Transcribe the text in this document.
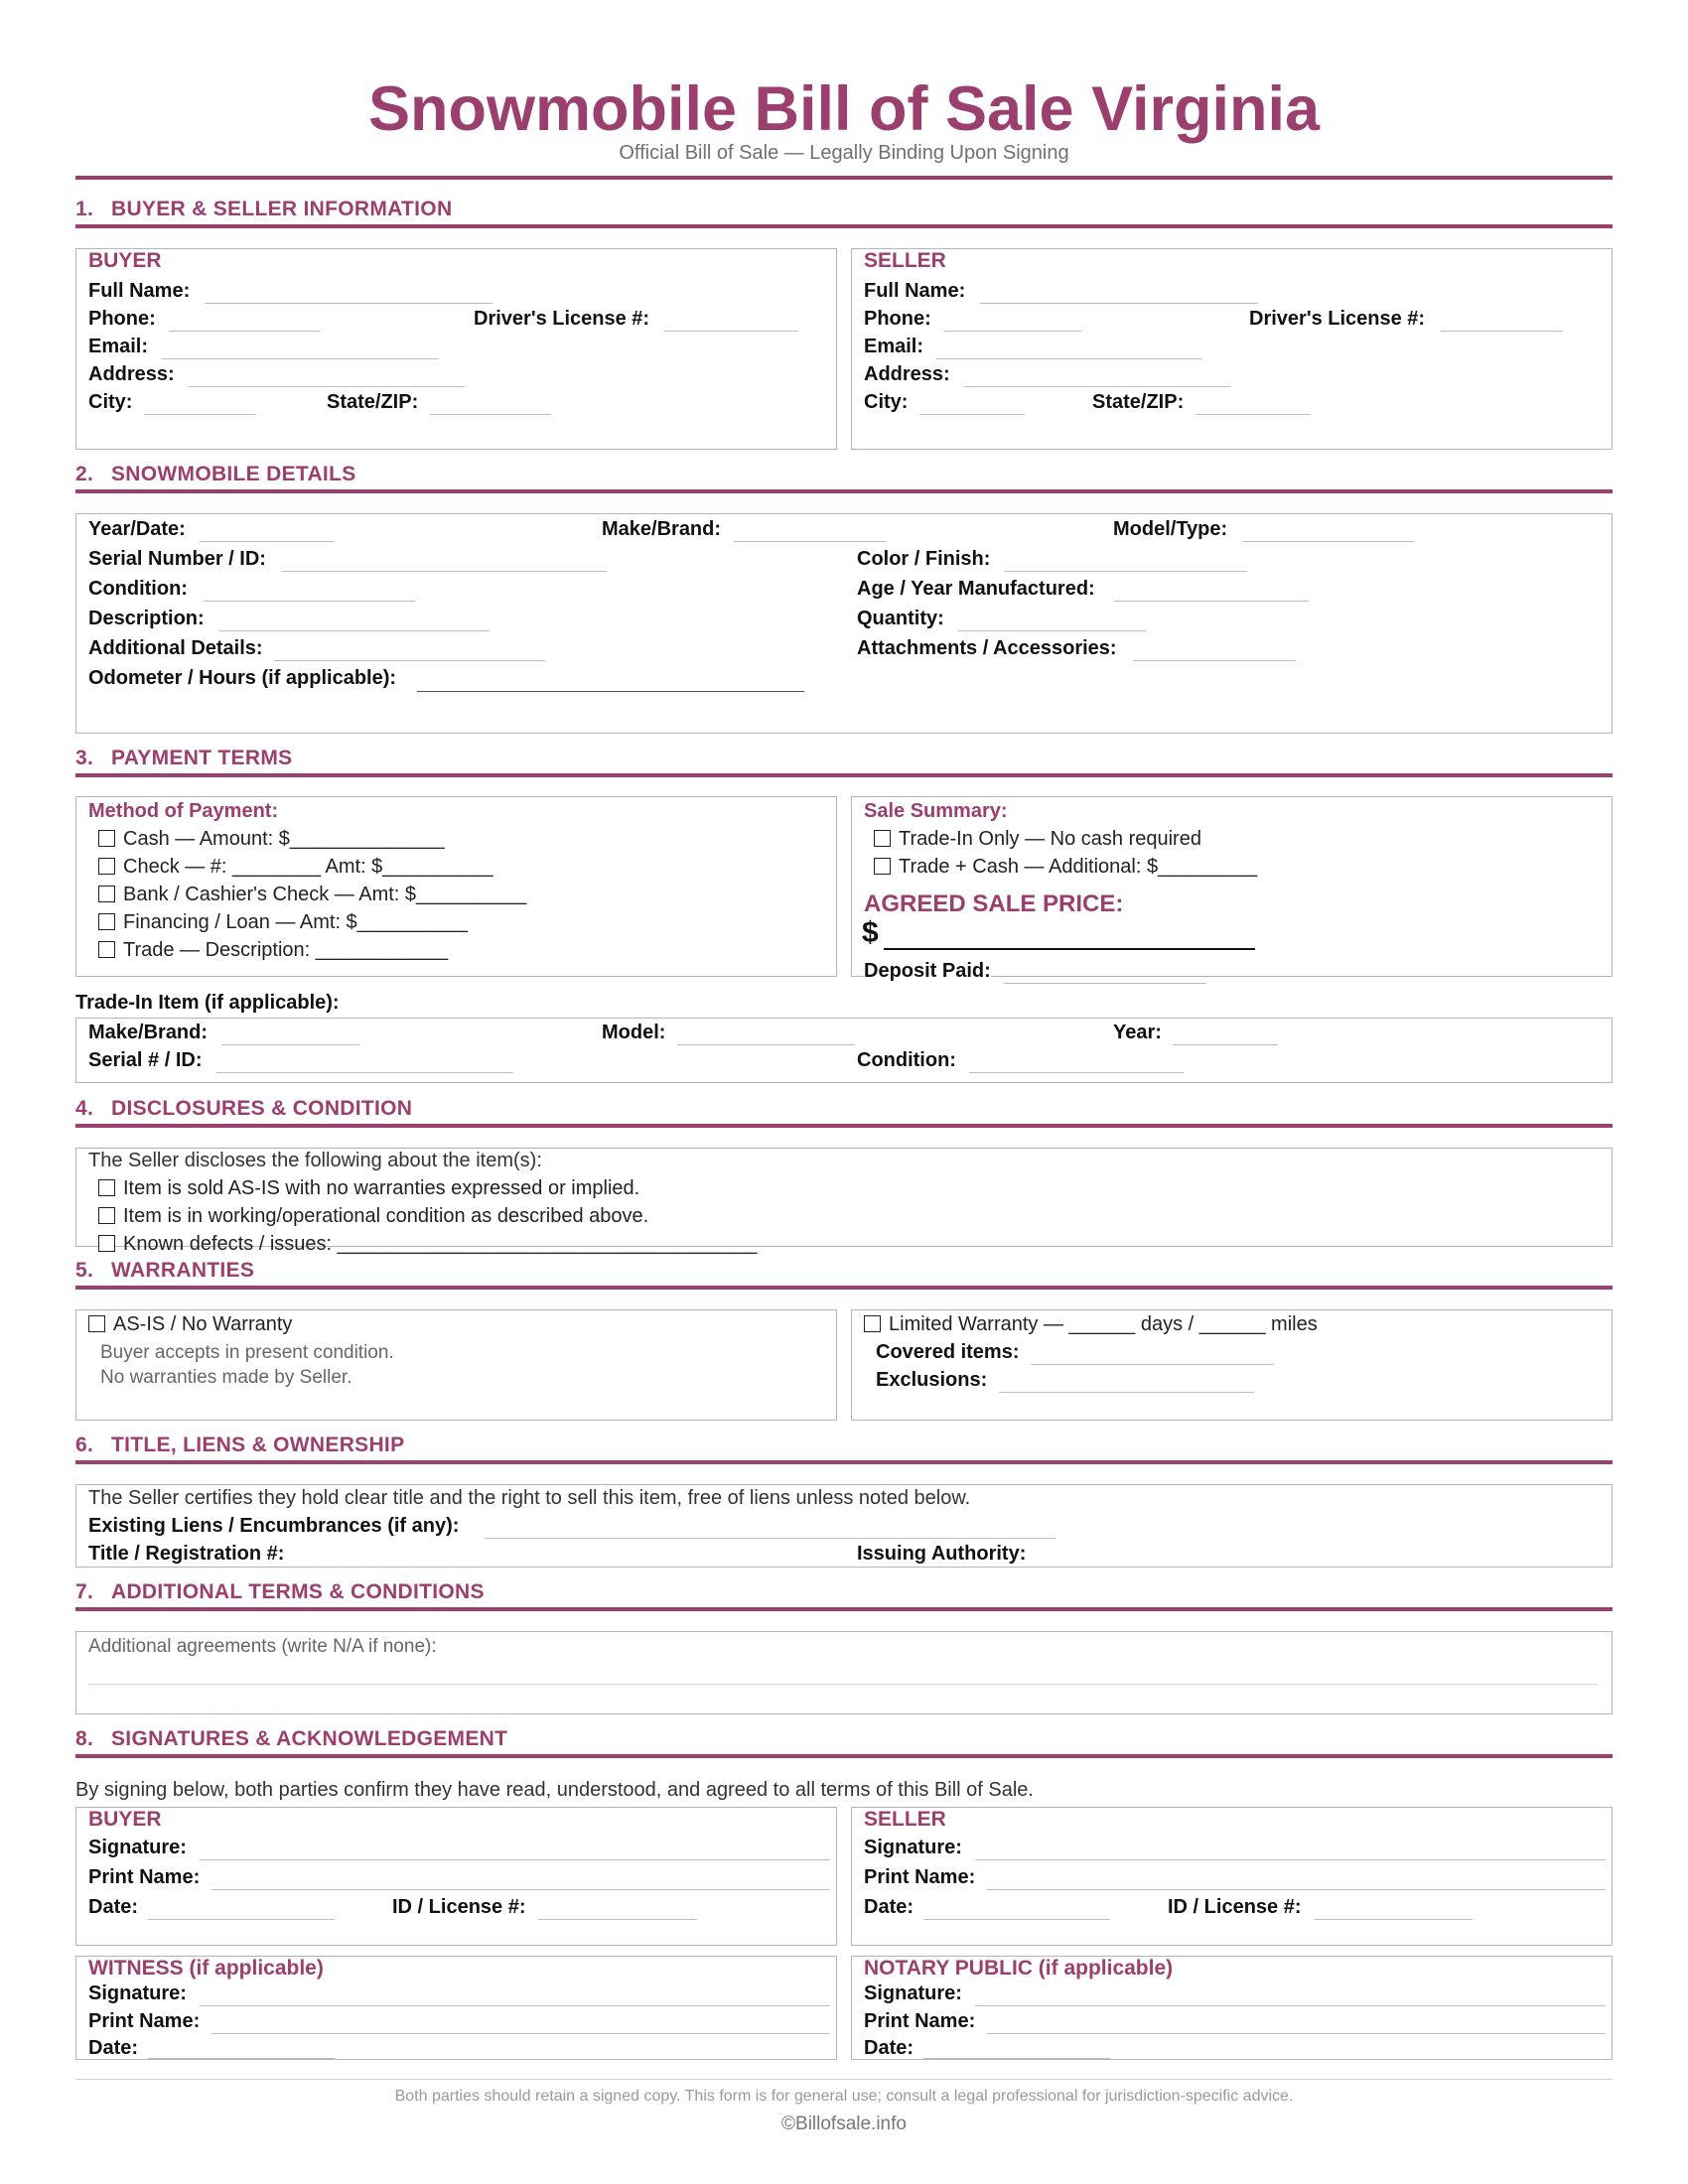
Snowmobile Bill of Sale Virginia
Official Bill of Sale — Legally Binding Upon Signing
1. BUYER & SELLER INFORMATION
BUYER
Full Name:
Phone:	Driver's License #:
Email:
Address:
City:	State/ZIP:
SELLER
Full Name:
Phone:	Driver's License #:
Email:
Address:
City:	State/ZIP:
2. SNOWMOBILE DETAILS
Year/Date:	Make/Brand:	Model/Type:
Serial Number / ID:	Color / Finish:
Condition:	Age / Year Manufactured:
Description:	Quantity:
Additional Details:	Attachments / Accessories:
Odometer / Hours (if applicable):
3. PAYMENT TERMS
Method of Payment:
Cash — Amount: $______________
Check — #: ________ Amt: $__________
Bank / Cashier's Check — Amt: $__________
Financing / Loan — Amt: $__________
Trade — Description: ____________
Sale Summary:
Trade-In Only — No cash required
Trade + Cash — Additional: $_________
AGREED SALE PRICE:
$
Deposit Paid:
Trade-In Item (if applicable):
Make/Brand:	Model:	Year:
Serial # / ID:	Condition:
4. DISCLOSURES & CONDITION
The Seller discloses the following about the item(s):
Item is sold AS-IS with no warranties expressed or implied.
Item is in working/operational condition as described above.
Known defects / issues: ______________________________________
5. WARRANTIES
AS-IS / No Warranty
Buyer accepts in present condition.
No warranties made by Seller.
Limited Warranty — ______ days / ______ miles
Covered items:
Exclusions:
6. TITLE, LIENS & OWNERSHIP
The Seller certifies they hold clear title and the right to sell this item, free of liens unless noted below.
Existing Liens / Encumbrances (if any):
Title / Registration #:	Issuing Authority:
7. ADDITIONAL TERMS & CONDITIONS
Additional agreements (write N/A if none):
8. SIGNATURES & ACKNOWLEDGEMENT
By signing below, both parties confirm they have read, understood, and agreed to all terms of this Bill of Sale.
BUYER
Signature:
Print Name:
Date:	ID / License #:
SELLER
Signature:
Print Name:
Date:	ID / License #:
WITNESS (if applicable)
Signature:
Print Name:
Date:
NOTARY PUBLIC (if applicable)
Signature:
Print Name:
Date:
Both parties should retain a signed copy. This form is for general use; consult a legal professional for jurisdiction-specific advice.
©Billofsale.info
